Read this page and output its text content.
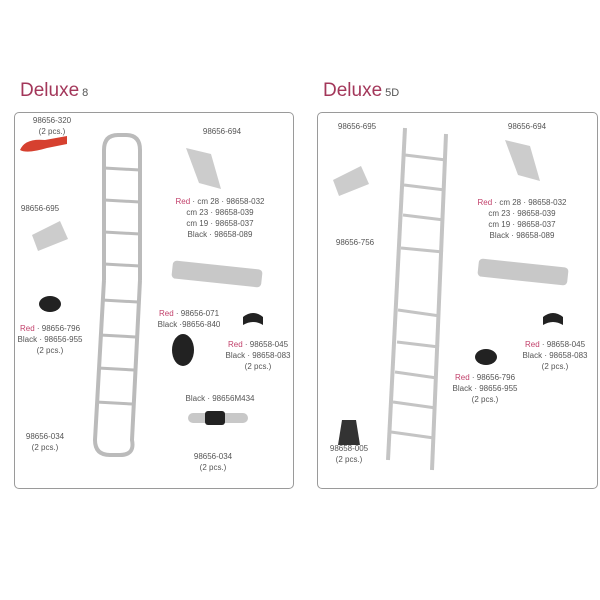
Deluxe 8	Deluxe 5D
98656-320
(2 pcs.)	98656-694
98656-695
Red · cm 28 · 98658-032
cm 23 · 98658-039
cm 19 · 98658-037
Black · 98658-089
Red · 98656-796
Black · 98656-955
(2 pcs.)
Red · 98656-071
Black ·98656-840
Red · 98658-045
Black · 98658-083
(2 pcs.)
Black · 98656M434
98656-034
(2 pcs.)
98656-034
(2 pcs.)
98656-695	98656-694
Red · cm 28 · 98658-032
cm 23 · 98658-039
cm 19 · 98658-037
Black · 98658-089
98656-756
Red · 98658-045
Black · 98658-083
(2 pcs.)
Red · 98656-796
Black · 98656-955
(2 pcs.)
98658-005
(2 pcs.)
